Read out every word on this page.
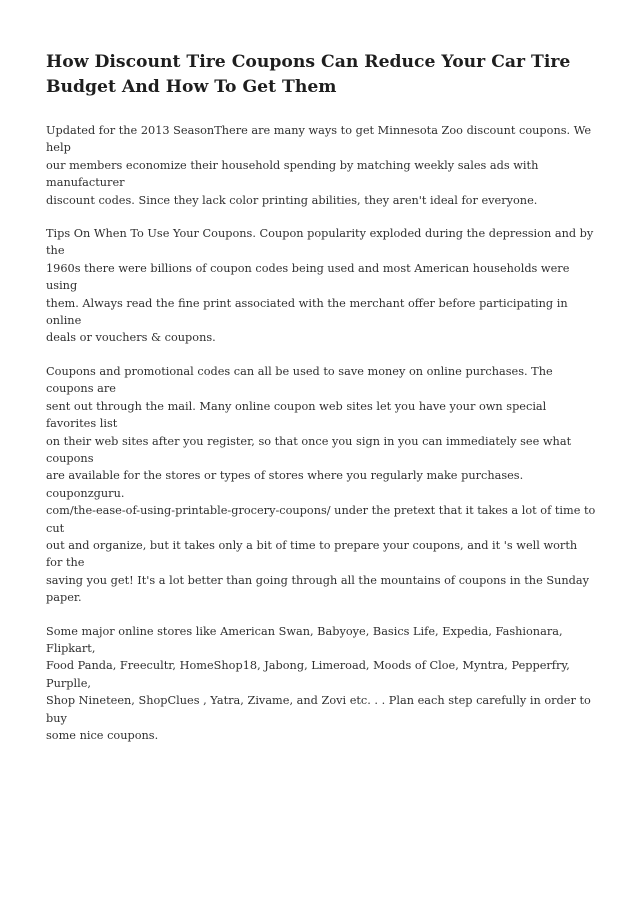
How Discount Tire Coupons Can Reduce Your Car Tire
Budget And How To Get Them

Updated for the 2013 SeasonThere are many ways to get Minnesota Zoo discount coupons. We help
our members economize their household spending by matching weekly sales ads with manufacturer
discount codes. Since they lack color printing abilities, they aren't ideal for everyone.

Tips On When To Use Your Coupons. Coupon popularity exploded during the depression and by the
1960s there were billions of coupon codes being used and most American households were using
them. Always read the fine print associated with the merchant offer before participating in online
deals or vouchers & coupons.

Coupons and promotional codes can all be used to save money on online purchases. The coupons are
sent out through the mail. Many online coupon web sites let you have your own special favorites list
on their web sites after you register, so that once you sign in you can immediately see what coupons
are available for the stores or types of stores where you regularly make purchases. couponzguru.
com/the-ease-of-using-printable-grocery-coupons/ under the pretext that it takes a lot of time to cut
out and organize, but it takes only a bit of time to prepare your coupons, and it 's well worth for the
saving you get! It's a lot better than going through all the mountains of coupons in the Sunday
paper.

Some major online stores like American Swan, Babyoye, Basics Life, Expedia, Fashionara, Flipkart,
Food Panda, Freecultr, HomeShop18, Jabong, Limeroad, Moods of Cloe, Myntra, Pepperfry, Purplle,
Shop Nineteen, ShopClues , Yatra, Zivame, and Zovi etc. . . Plan each step carefully in order to buy
some nice coupons.
